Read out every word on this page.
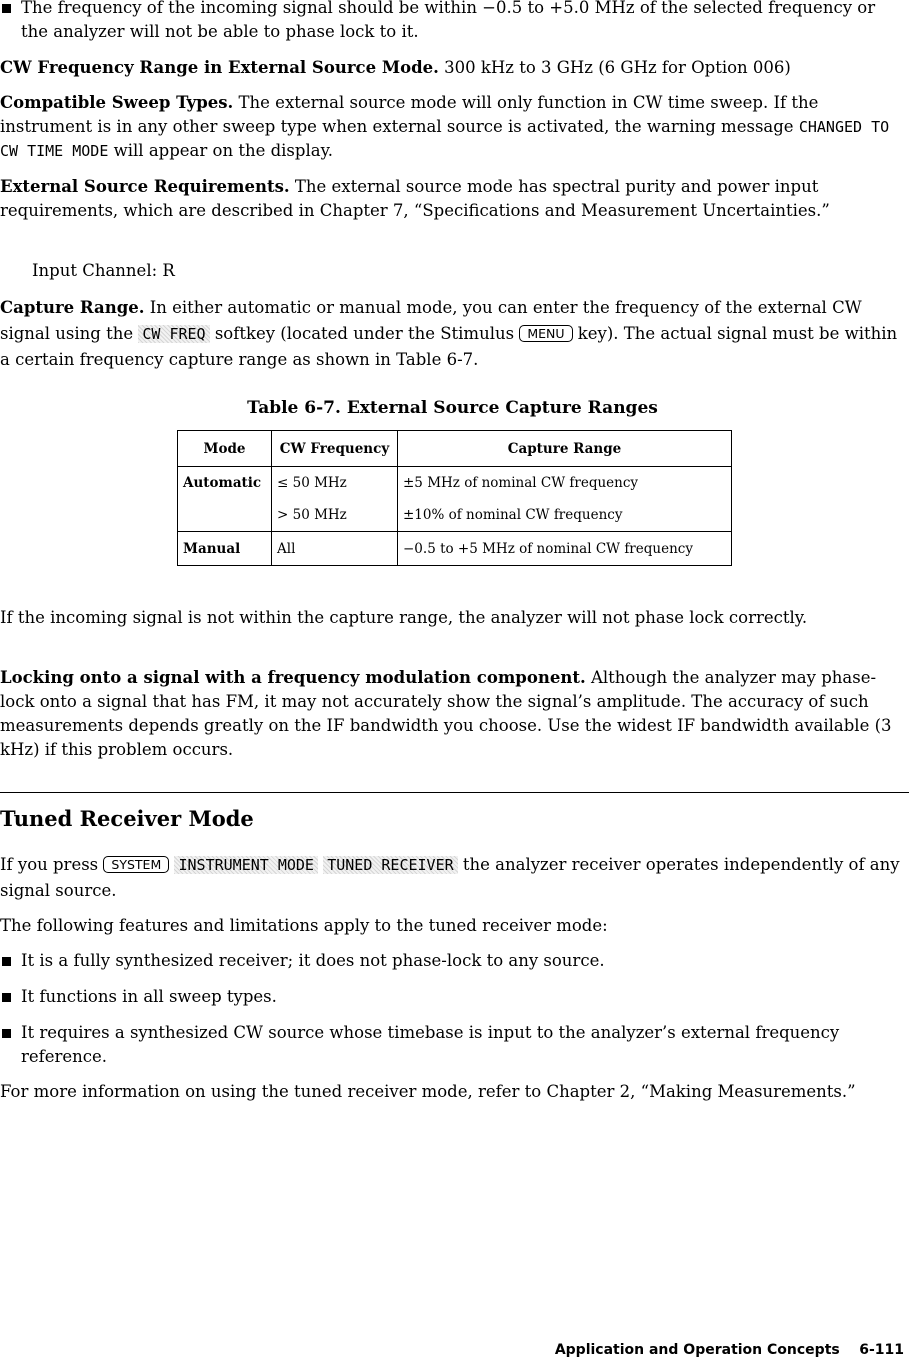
The frequency of the incoming signal should be within −0.5 to +5.0 MHz of the selected frequency or the analyzer will not be able to phase lock to it.

CW Frequency Range in External Source Mode. 300 kHz to 3 GHz (6 GHz for Option 006)

Compatible Sweep Types. The external source mode will only function in CW time sweep. If the instrument is in any other sweep type when external source is activated, the warning message CHANGED TO CW TIME MODE will appear on the display.

External Source Requirements. The external source mode has spectral purity and power input requirements, which are described in Chapter 7, “Specifications and Measurement Uncertainties.”

Input Channel: R

Capture Range. In either automatic or manual mode, you can enter the frequency of the external CW signal using the CW FREQ softkey (located under the Stimulus MENU key). The actual signal must be within a certain frequency capture range as shown in Table 6-7.

Table 6-7. External Source Capture Ranges
Mode	CW Frequency	Capture Range
Automatic	≤ 50 MHz	±5 MHz of nominal CW frequency
	> 50 MHz	±10% of nominal CW frequency
Manual	All	−0.5 to +5 MHz of nominal CW frequency

If the incoming signal is not within the capture range, the analyzer will not phase lock correctly.

Locking onto a signal with a frequency modulation component. Although the analyzer may phase-lock onto a signal that has FM, it may not accurately show the signal’s amplitude. The accuracy of such measurements depends greatly on the IF bandwidth you choose. Use the widest IF bandwidth available (3 kHz) if this problem occurs.

Tuned Receiver Mode

If you press SYSTEM INSTRUMENT MODE TUNED RECEIVER the analyzer receiver operates independently of any signal source.

The following features and limitations apply to the tuned receiver mode:

It is a fully synthesized receiver; it does not phase-lock to any source.
It functions in all sweep types.
It requires a synthesized CW source whose timebase is input to the analyzer’s external frequency reference.

For more information on using the tuned receiver mode, refer to Chapter 2, “Making Measurements.”

Application and Operation Concepts 6-111
